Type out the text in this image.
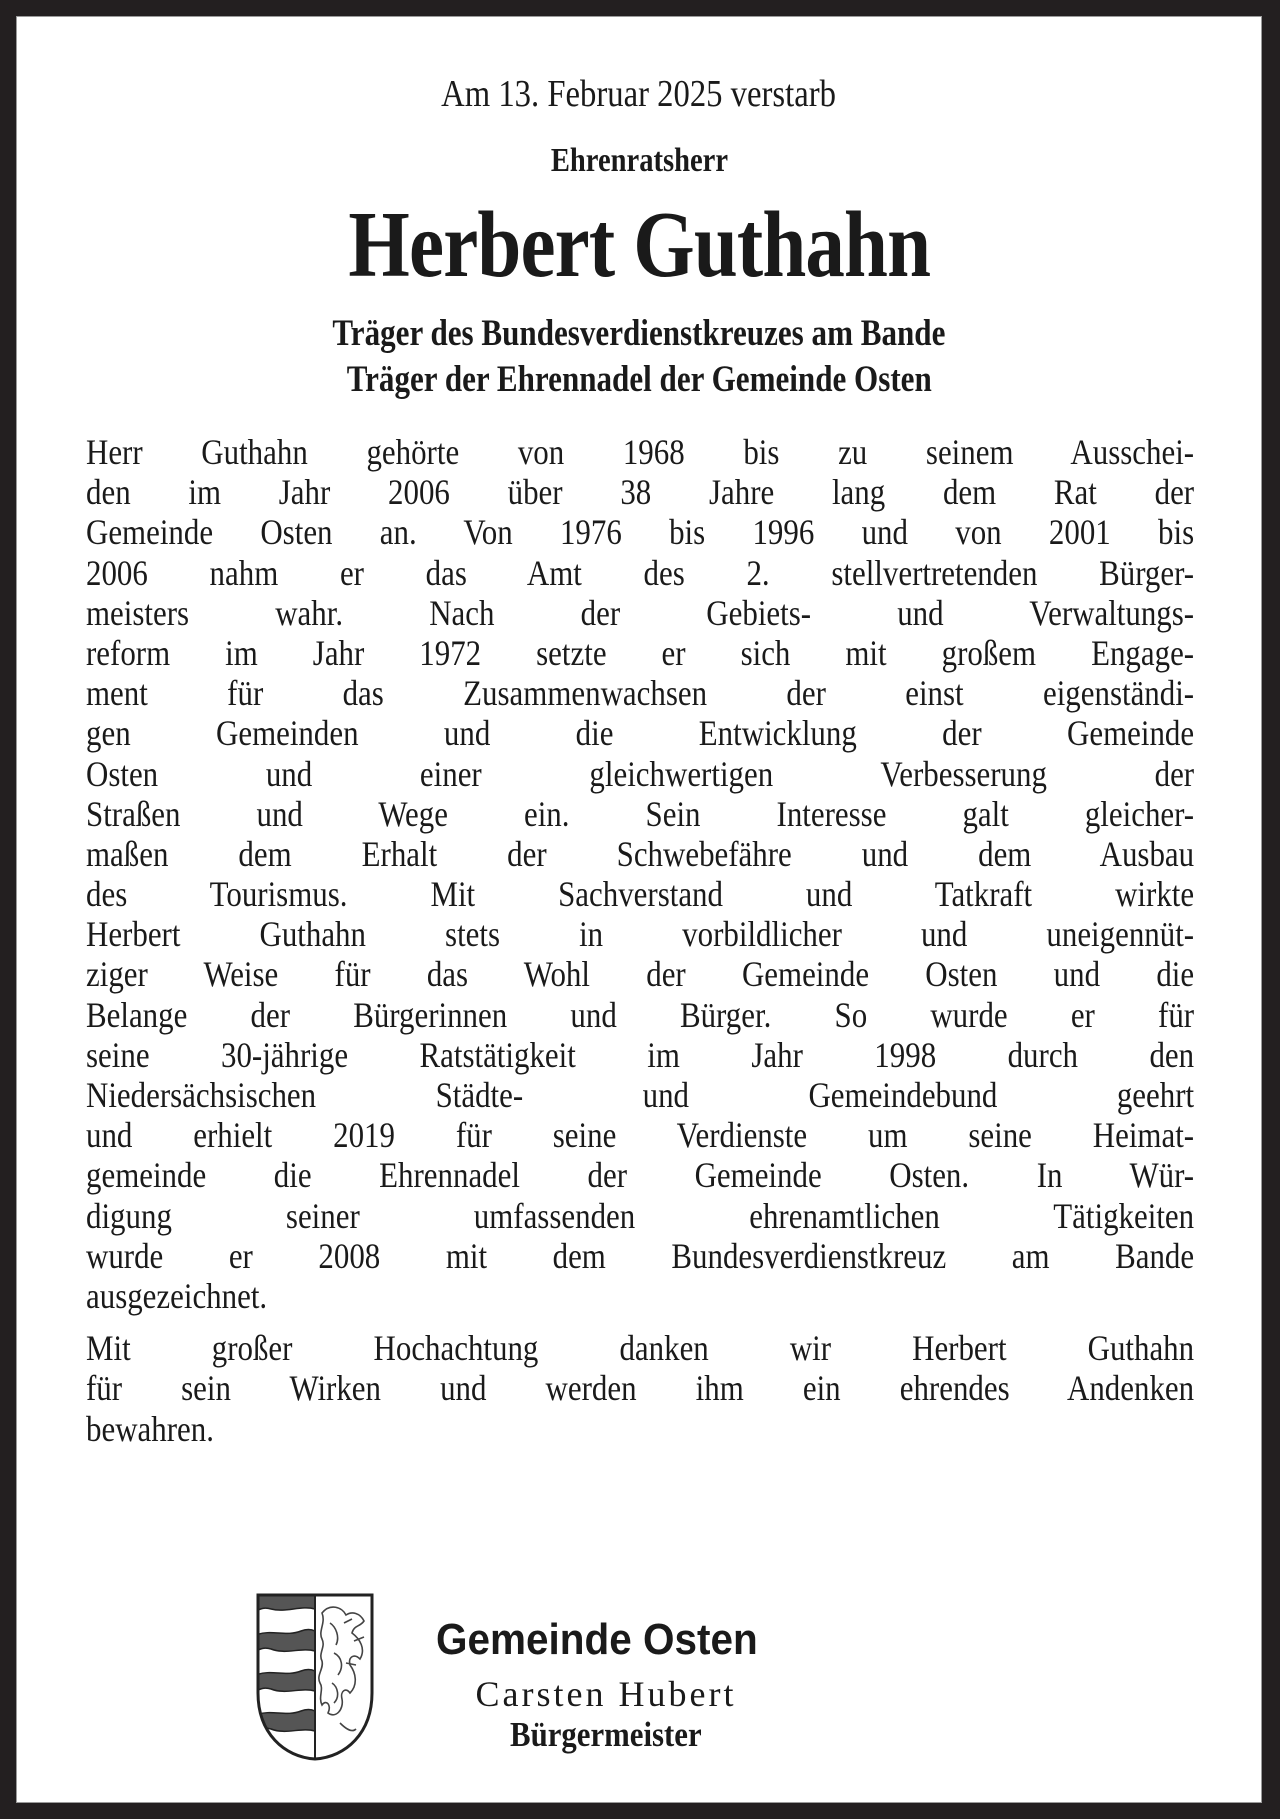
Am 13. Februar 2025 verstarb
Ehrenratsherr
Herbert Guthahn
Träger des Bundesverdienstkreuzes am Bande
Träger der Ehrennadel der Gemeinde Osten
Herr Guthahn gehörte von 1968 bis zu seinem Ausschei-
den im Jahr 2006 über 38 Jahre lang dem Rat der
Gemeinde Osten an. Von 1976 bis 1996 und von 2001 bis
2006 nahm er das Amt des 2. stellvertretenden Bürger-
meisters wahr. Nach der Gebiets- und Verwaltungs-
reform im Jahr 1972 setzte er sich mit großem Engage-
ment für das Zusammenwachsen der einst eigenständi-
gen Gemeinden und die Entwicklung der Gemeinde
Osten und einer gleichwertigen Verbesserung der
Straßen und Wege ein. Sein Interesse galt gleicher-
maßen dem Erhalt der Schwebefähre und dem Ausbau
des Tourismus. Mit Sachverstand und Tatkraft wirkte
Herbert Guthahn stets in vorbildlicher und uneigennüt-
ziger Weise für das Wohl der Gemeinde Osten und die
Belange der Bürgerinnen und Bürger. So wurde er für
seine 30-jährige Ratstätigkeit im Jahr 1998 durch den
Niedersächsischen Städte- und Gemeindebund geehrt
und erhielt 2019 für seine Verdienste um seine Heimat-
gemeinde die Ehrennadel der Gemeinde Osten. In Wür-
digung seiner umfassenden ehrenamtlichen Tätigkeiten
wurde er 2008 mit dem Bundesverdienstkreuz am Bande
ausgezeichnet.
Mit großer Hochachtung danken wir Herbert Guthahn
für sein Wirken und werden ihm ein ehrendes Andenken
bewahren.
Gemeinde Osten
Carsten Hubert
Bürgermeister
